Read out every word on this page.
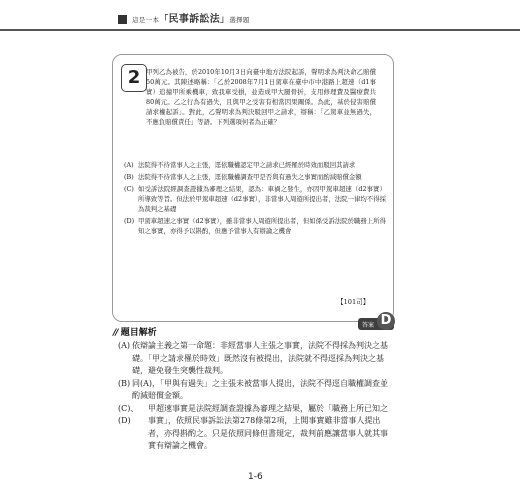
這是一本「民事訴訟法」選擇題
2 甲列乙為被告，於2010年10月3日向臺中地方法院起訴，聲明求為判決命乙賠償50萬元。其陳述略稱：「乙於2008年7月1日駕車在臺中市中港路上超速（d1事實）追撞甲所乘機車，致我車受損，並造成甲大腿骨折，支用修理費及醫療費共80萬元。乙之行為有過失，且與甲之受害有相當因果關係。為此，基於侵害賠償請求權起訴」。對此，乙聲明求為判決駁回甲之請求，辯稱：「乙駕車並無過失，不應負賠償責任」等語。下列選項何者為正確？
(A) 法院得不待當事人之主張，逕依職權認定甲之請求已經罹於時效而駁回其請求
(B) 法院得不待當事人之主張，逕依職權調查甲是否與有過失之事實而酌減賠償金額
(C) 如受訴法院經調查證據為審理之結果，認為：車禍之發生，亦因甲駕車超速（d2事實）所導致等旨。但法於甲駕車超速（d2事實），非當事人周遊所提出者，法院一律均不得採為裁判之基礎
(D) 甲駕車超速之事實（d2事實），雖非當事人周遊所提出者，但如係受訴法院於職務上所得知之事實，亦得予以斟酌，但應予當事人有辯論之機會
【101司】
答案 D
// 題目解析
(A) 依辯論主義之第一命題：非經當事人主張之事實，法院不得採為判決之基礎。「甲之請求罹於時效」既然沒有被提出，法院就不得逕採為判決之基礎，避免發生突襲性裁判。
(B) 同(A)，「甲與有過失」之主張未被當事人提出，法院不得逕自職權調查並酌減賠償金額。
(C)、(D)
甲超速事實是法院經調查證據為審理之結果，屬於「職務上所已知之事實」，依照民事訴訟法第278條第2項，上開事實雖非當事人提出者，亦得斟酌之。只是依照同條但書規定，裁判前應讓當事人就其事實有辯論之機會。
1-6
